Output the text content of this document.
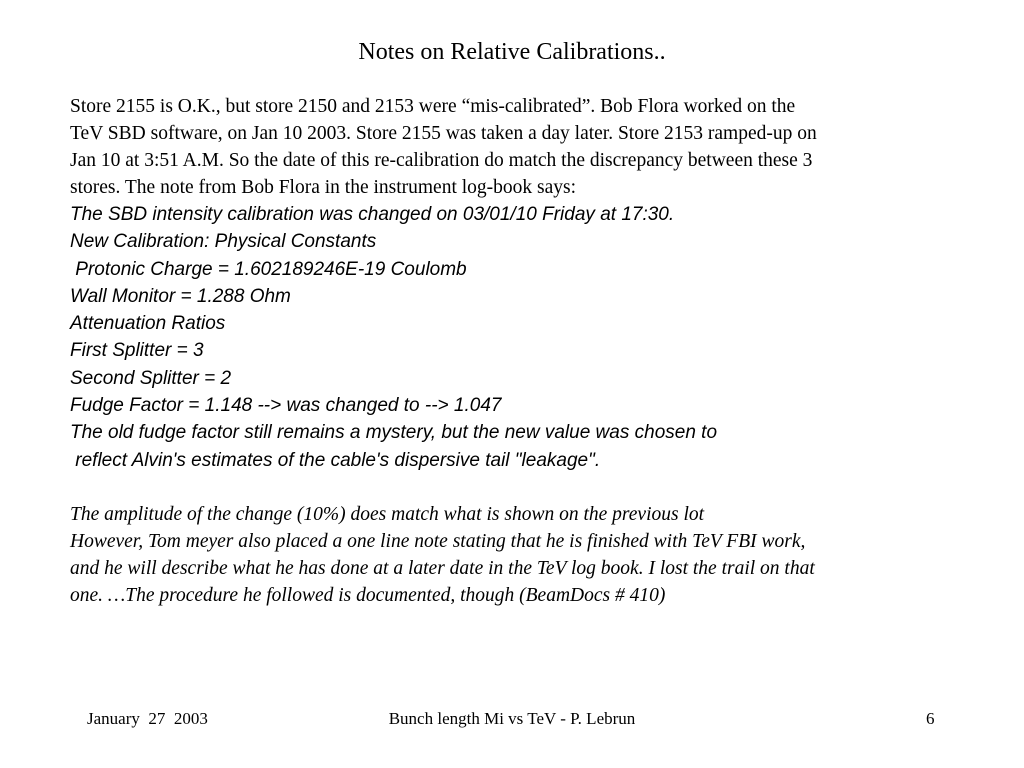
Notes on Relative Calibrations..
Store 2155 is O.K., but store 2150 and 2153 were “mis-calibrated”. Bob Flora worked on the
TeV SBD software, on Jan 10 2003. Store 2155 was taken a day later. Store 2153 ramped-up on
Jan 10 at 3:51 A.M. So the date of this re-calibration do match the discrepancy between these 3
stores. The note from Bob Flora in the instrument log-book says:
The SBD intensity calibration was changed on 03/01/10 Friday at 17:30.
New Calibration: Physical Constants
Protonic Charge = 1.602189246E-19 Coulomb
Wall Monitor = 1.288 Ohm
Attenuation Ratios
First Splitter = 3
Second Splitter = 2
Fudge Factor = 1.148 --> was changed to --> 1.047
The old fudge factor still remains a mystery, but the new value was chosen to
reflect Alvin's estimates of the cable's dispersive tail "leakage".
The amplitude of the change (10%) does match what is shown on the previous lot
However, Tom meyer also placed a one line note stating that he is finished with TeV FBI work,
and he will describe what he has done at a later date in the TeV log book. I lost the trail on that
one. …The procedure he followed is documented, though (BeamDocs # 410)
January  27  2003	Bunch length Mi vs TeV - P. Lebrun	6
